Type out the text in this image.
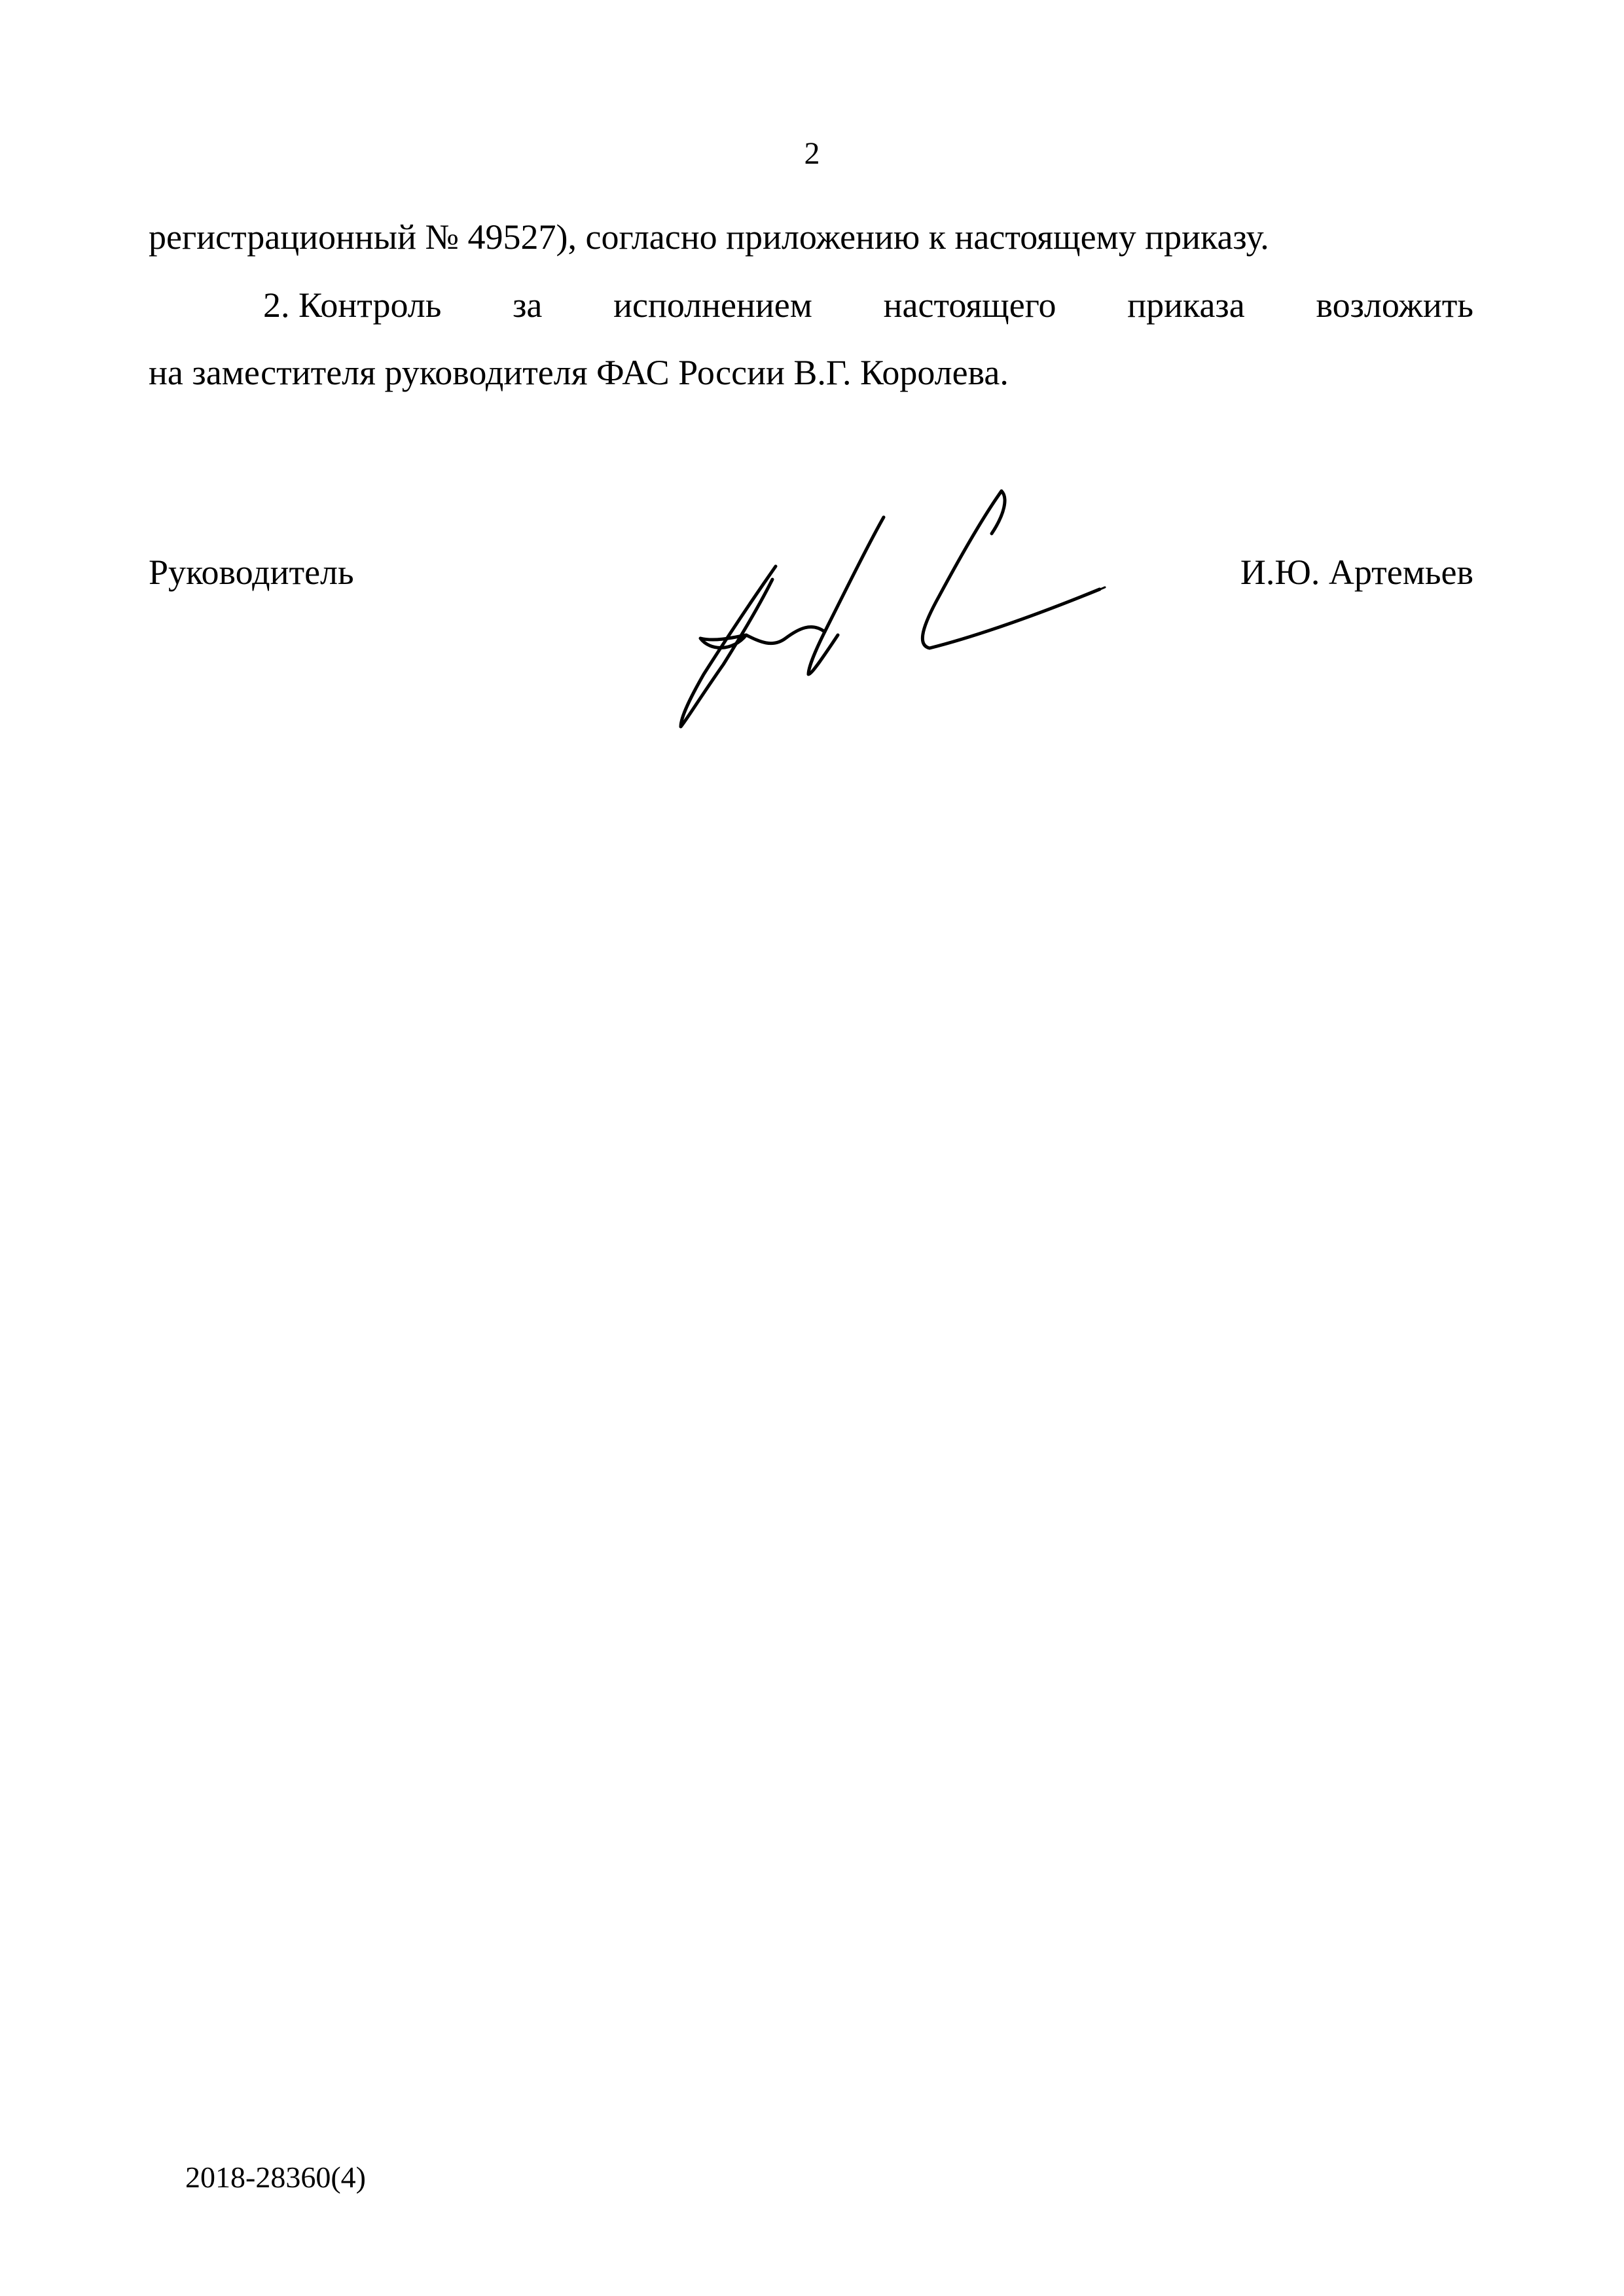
2
регистрационный № 49527), согласно приложению к настоящему приказу.
2. Контроль за исполнением настоящего приказа возложить
на заместителя руководителя ФАС России В.Г. Королева.
Руководитель	И.Ю. Артемьев
2018-28360(4)
